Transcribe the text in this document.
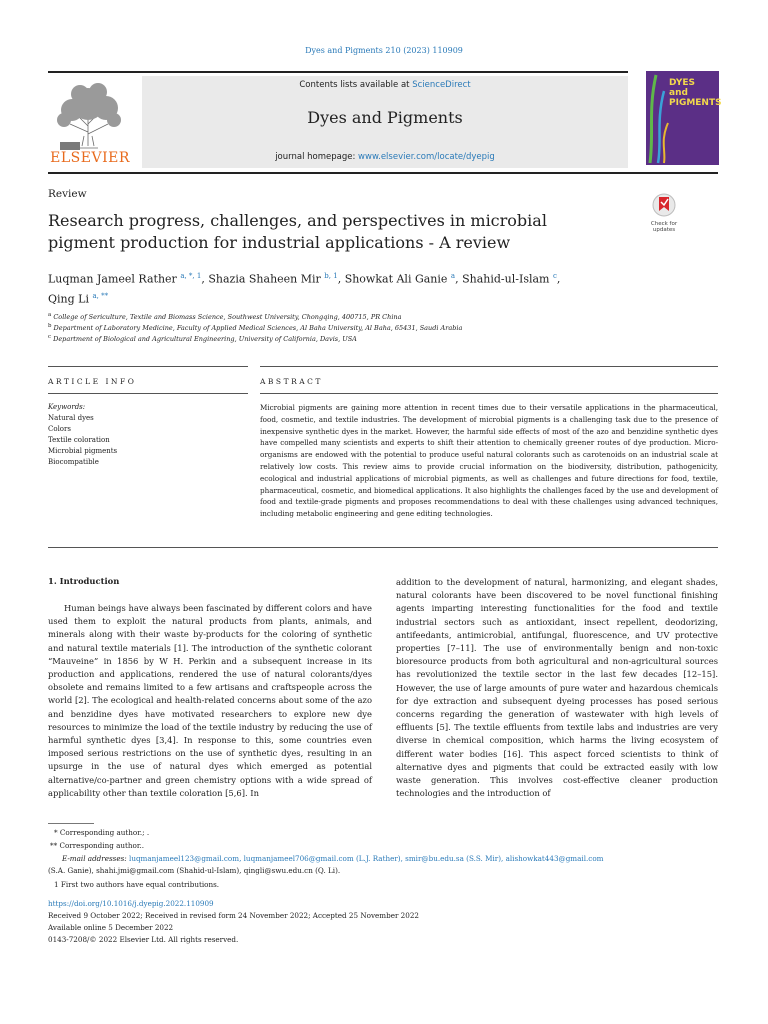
Dyes and Pigments 210 (2023) 110909
ELSEVIER
Contents lists available at ScienceDirect
Dyes and Pigments
journal homepage: www.elsevier.com/locate/dyepig
DYES
and
PIGMENTS
Review
Research progress, challenges, and perspectives in microbial pigment production for industrial applications - A review
Check for
updates
Luqman Jameel Rather $^{a, *, 1}$, Shazia Shaheen Mir $^{b, 1}$, Showkat Ali Ganie $^a$, Shahid-ul-Islam $^c$,
Qing Li $^{a, **}$
$^a$ College of Sericulture, Textile and Biomass Science, Southwest University, Chongqing, 400715, PR China
$^b$ Department of Laboratory Medicine, Faculty of Applied Medical Sciences, Al Baha University, Al Baha, 65431, Saudi Arabia
$^c$ Department of Biological and Agricultural Engineering, University of California, Davis, USA
ARTICLE INFO	ABSTRACT
Keywords:
Natural dyes
Colors
Textile coloration
Microbial pigments
Biocompatible
Microbial pigments are gaining more attention in recent times due to their versatile applications in the pharmaceutical, food, cosmetic, and textile industries. The development of microbial pigments is a challenging task due to the presence of inexpensive synthetic dyes in the market. However, the harmful side effects of most of the azo and benzidine synthetic dyes have compelled many scientists and experts to shift their attention to chemically greener routes of dye production. Micro-organisms are endowed with the potential to produce useful natural colorants such as carotenoids on an industrial scale at relatively low costs. This review aims to provide crucial information on the biodiversity, distribution, pathogenicity, ecological and industrial applications of microbial pigments, as well as challenges and future directions for food, textile, pharmaceutical, cosmetic, and biomedical applications. It also highlights the challenges faced by the use and development of food and textile-grade pigments and proposes recommendations to deal with these challenges using advanced techniques, including metabolic engineering and gene editing technologies.
1. Introduction
Human beings have always been fascinated by different colors and have used them to exploit the natural products from plants, animals, and minerals along with their waste by-products for the coloring of synthetic and natural textile materials [1]. The introduction of the synthetic colorant “Mauveine” in 1856 by W H. Perkin and a subsequent increase in its production and applications, rendered the use of natural colorants/dyes obsolete and remains limited to a few artisans and craftspeople across the world [2]. The ecological and health-related concerns about some of the azo and benzidine dyes have motivated researchers to explore new dye resources to minimize the load of the textile industry by reducing the use of harmful synthetic dyes [3,4]. In response to this, some countries even imposed serious restrictions on the use of synthetic dyes, resulting in an upsurge in the use of natural dyes which emerged as potential alternative/co-partner and green chemistry options with a wide spread of applicability other than textile coloration [5,6]. In
addition to the development of natural, harmonizing, and elegant shades, natural colorants have been discovered to be novel functional finishing agents imparting interesting functionalities for the food and textile industrial sectors such as antioxidant, insect repellent, deodorizing, antifeedants, antimicrobial, antifungal, fluorescence, and UV protective properties [7–11]. The use of environmentally benign and non-toxic bioresource products from both agricultural and non-agricultural sources has revolutionized the textile sector in the last few decades [12–15]. However, the use of large amounts of pure water and hazardous chemicals for dye extraction and subsequent dyeing processes has posed serious concerns regarding the generation of wastewater with high levels of effluents [5]. The textile effluents from textile labs and industries are very diverse in chemical composition, which harms the living ecosystem of different water bodies [16]. This aspect forced scientists to think of alternative dyes and pigments that could be extracted easily with low waste generation. This involves cost-effective cleaner production technologies and the introduction of
* Corresponding author.; .
** Corresponding author..
E-mail addresses: luqmanjameel123@gmail.com, luqmanjameel706@gmail.com (L.J. Rather), smir@bu.edu.sa (S.S. Mir), alishowkat443@gmail.com
(S.A. Ganie), shahi.jmi@gmail.com (Shahid-ul-Islam), qingli@swu.edu.cn (Q. Li).
1 First two authors have equal contributions.
https://doi.org/10.1016/j.dyepig.2022.110909
Received 9 October 2022; Received in revised form 24 November 2022; Accepted 25 November 2022
Available online 5 December 2022
0143-7208/© 2022 Elsevier Ltd. All rights reserved.
